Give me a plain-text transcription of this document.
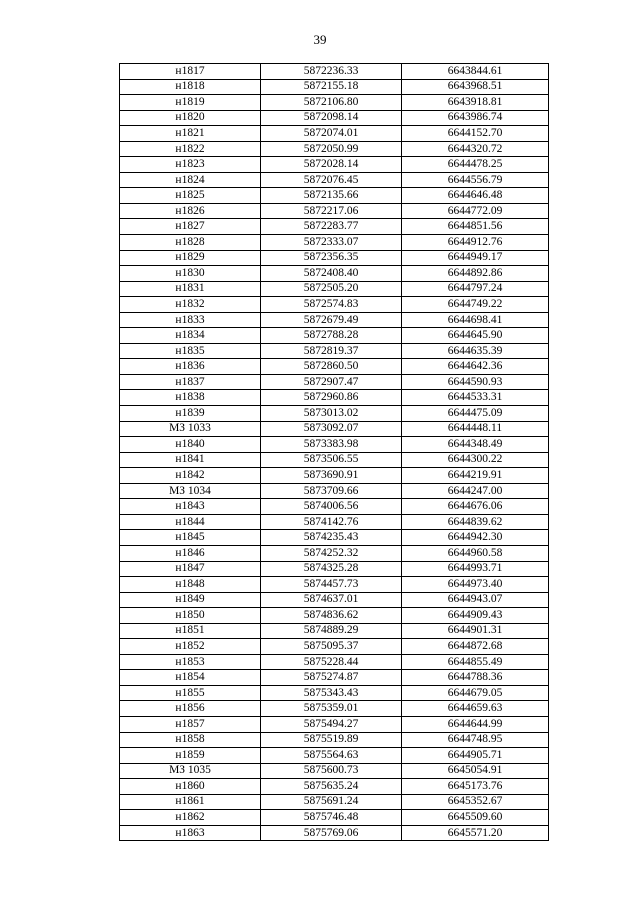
39
н1817	5872236.33	6643844.61
н1818	5872155.18	6643968.51
н1819	5872106.80	6643918.81
н1820	5872098.14	6643986.74
н1821	5872074.01	6644152.70
н1822	5872050.99	6644320.72
н1823	5872028.14	6644478.25
н1824	5872076.45	6644556.79
н1825	5872135.66	6644646.48
н1826	5872217.06	6644772.09
н1827	5872283.77	6644851.56
н1828	5872333.07	6644912.76
н1829	5872356.35	6644949.17
н1830	5872408.40	6644892.86
н1831	5872505.20	6644797.24
н1832	5872574.83	6644749.22
н1833	5872679.49	6644698.41
н1834	5872788.28	6644645.90
н1835	5872819.37	6644635.39
н1836	5872860.50	6644642.36
н1837	5872907.47	6644590.93
н1838	5872960.86	6644533.31
н1839	5873013.02	6644475.09
МЗ 1033	5873092.07	6644448.11
н1840	5873383.98	6644348.49
н1841	5873506.55	6644300.22
н1842	5873690.91	6644219.91
МЗ 1034	5873709.66	6644247.00
н1843	5874006.56	6644676.06
н1844	5874142.76	6644839.62
н1845	5874235.43	6644942.30
н1846	5874252.32	6644960.58
н1847	5874325.28	6644993.71
н1848	5874457.73	6644973.40
н1849	5874637.01	6644943.07
н1850	5874836.62	6644909.43
н1851	5874889.29	6644901.31
н1852	5875095.37	6644872.68
н1853	5875228.44	6644855.49
н1854	5875274.87	6644788.36
н1855	5875343.43	6644679.05
н1856	5875359.01	6644659.63
н1857	5875494.27	6644644.99
н1858	5875519.89	6644748.95
н1859	5875564.63	6644905.71
МЗ 1035	5875600.73	6645054.91
н1860	5875635.24	6645173.76
н1861	5875691.24	6645352.67
н1862	5875746.48	6645509.60
н1863	5875769.06	6645571.20
